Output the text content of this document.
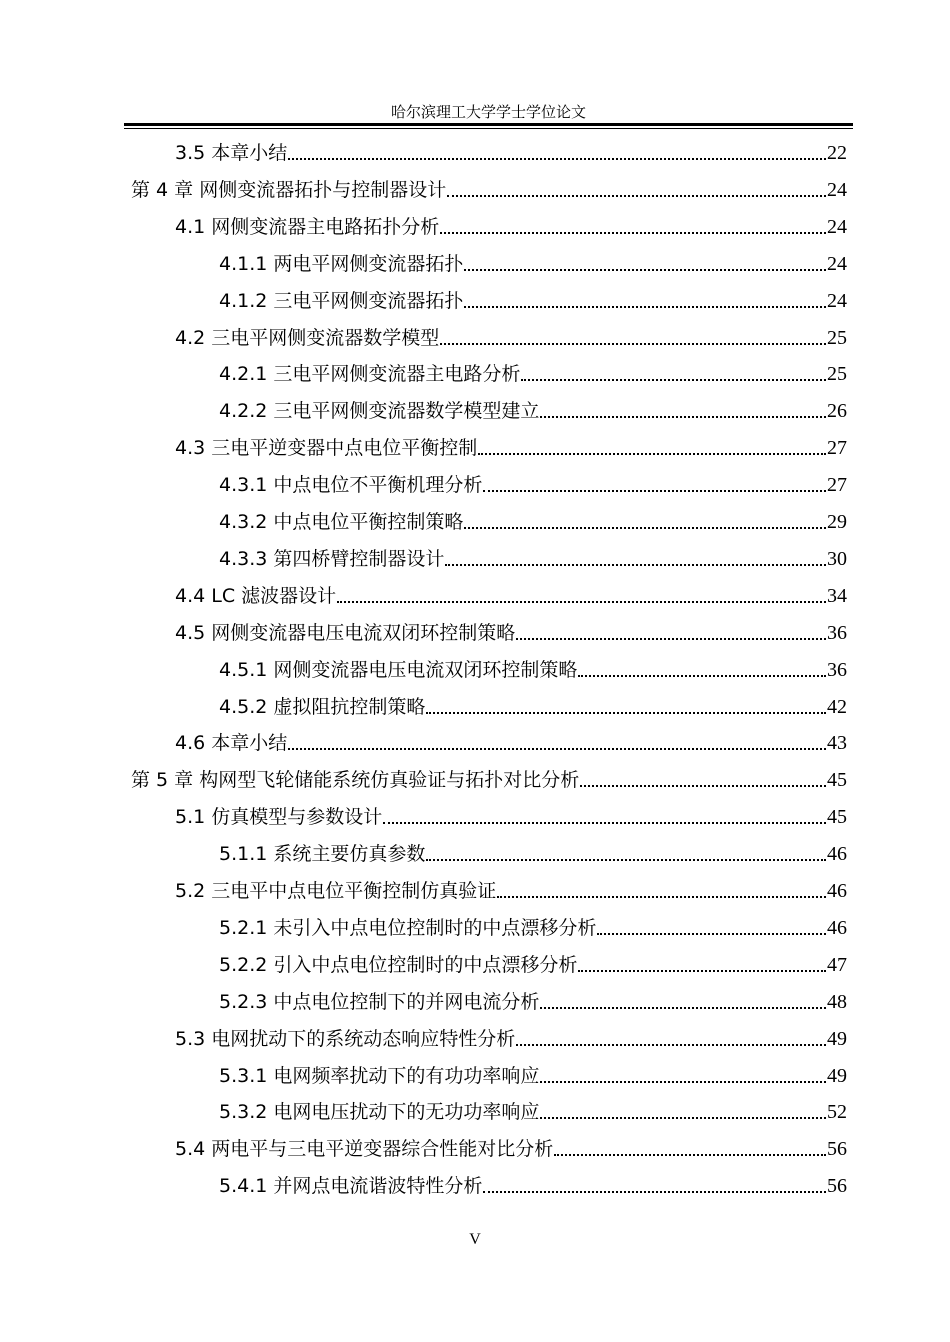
哈尔滨理工大学学士学位论文
3.5 本章小结	22
第 4 章 网侧变流器拓扑与控制器设计	24
4.1 网侧变流器主电路拓扑分析	24
4.1.1 两电平网侧变流器拓扑	24
4.1.2 三电平网侧变流器拓扑	24
4.2 三电平网侧变流器数学模型	25
4.2.1 三电平网侧变流器主电路分析	25
4.2.2 三电平网侧变流器数学模型建立	26
4.3 三电平逆变器中点电位平衡控制	27
4.3.1 中点电位不平衡机理分析	27
4.3.2 中点电位平衡控制策略	29
4.3.3 第四桥臂控制器设计	30
4.4 LC 滤波器设计	34
4.5 网侧变流器电压电流双闭环控制策略	36
4.5.1 网侧变流器电压电流双闭环控制策略	36
4.5.2 虚拟阻抗控制策略	42
4.6 本章小结	43
第 5 章 构网型飞轮储能系统仿真验证与拓扑对比分析	45
5.1 仿真模型与参数设计	45
5.1.1 系统主要仿真参数	46
5.2 三电平中点电位平衡控制仿真验证	46
5.2.1 未引入中点电位控制时的中点漂移分析	46
5.2.2 引入中点电位控制时的中点漂移分析	47
5.2.3 中点电位控制下的并网电流分析	48
5.3 电网扰动下的系统动态响应特性分析	49
5.3.1 电网频率扰动下的有功功率响应	49
5.3.2 电网电压扰动下的无功功率响应	52
5.4 两电平与三电平逆变器综合性能对比分析	56
5.4.1 并网点电流谐波特性分析	56
V
